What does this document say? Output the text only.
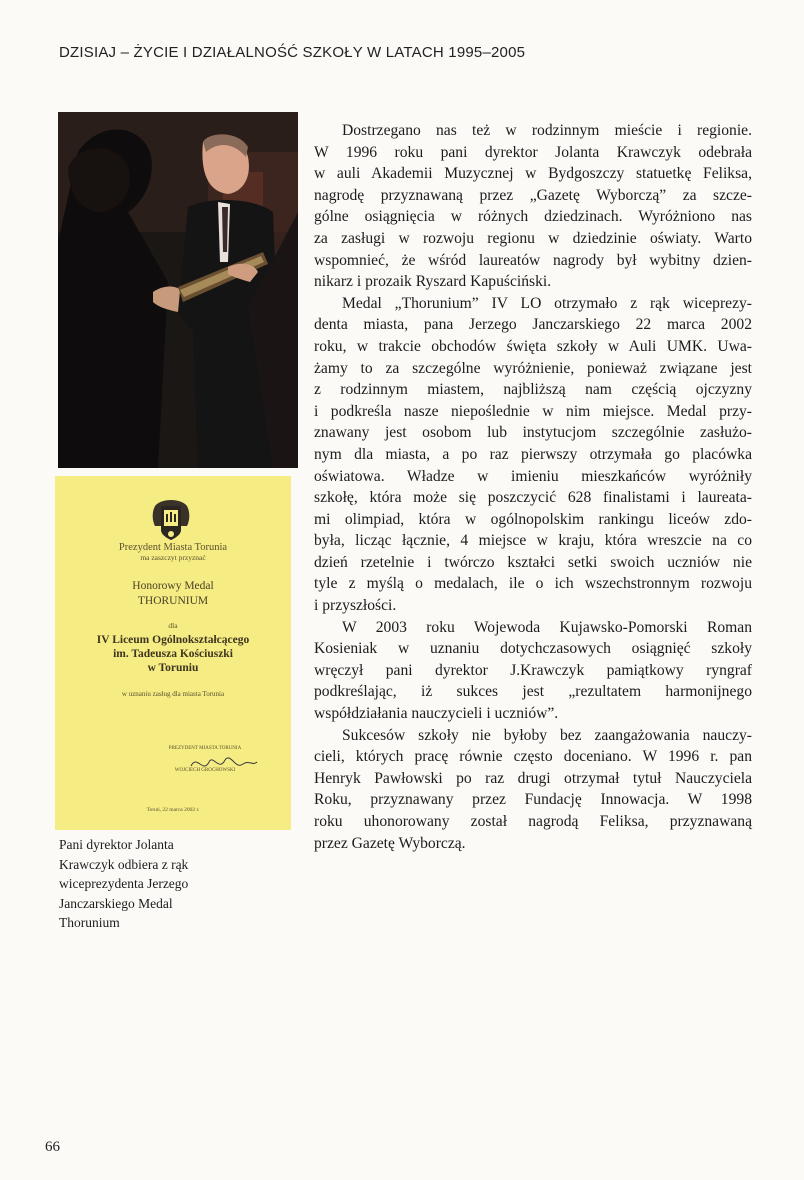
DZISIAJ – ŻYCIE I DZIAŁALNOŚĆ SZKOŁY W LATACH 1995–2005
Prezydent Miasta Torunia
ma zaszczyt przyznać
Honorowy Medal
THORUNIUM
dla
IV Liceum Ogólnokształcącego
im. Tadeusza Kościuszki
w Toruniu
w uznaniu zasług dla miasta Torunia
PREZYDENT MIASTA TORUNIA
WOJCIECH GROCHOWSKI
Toruń, 22 marca 2002 r.
Pani dyrektor Jolanta
Krawczyk odbiera z rąk
wiceprezydenta Jerzego
Janczarskiego Medal
Thorunium
Dostrzegano nas też w rodzinnym mieście i regionie.
W 1996 roku pani dyrektor Jolanta Krawczyk odebrała
w auli Akademii Muzycznej w Bydgoszczy statuetkę Feliksa,
nagrodę przyznawaną przez „Gazetę Wyborczą” za szcze-
gólne osiągnięcia w różnych dziedzinach. Wyróżniono nas
za zasługi w rozwoju regionu w dziedzinie oświaty. Warto
wspomnieć, że wśród laureatów nagrody był wybitny dzien-
nikarz i prozaik Ryszard Kapuściński.
Medal „Thorunium” IV LO otrzymało z rąk wiceprezy-
denta miasta, pana Jerzego Janczarskiego 22 marca 2002
roku, w trakcie obchodów święta szkoły w Auli UMK. Uwa-
żamy to za szczególne wyróżnienie, ponieważ związane jest
z rodzinnym miastem, najbliższą nam częścią ojczyzny
i podkreśla nasze niepoślednie w nim miejsce. Medal przy-
znawany jest osobom lub instytucjom szczególnie zasłużo-
nym dla miasta, a po raz pierwszy otrzymała go placówka
oświatowa. Władze w imieniu mieszkańców wyróżniły
szkołę, która może się poszczycić 628 finalistami i laureata-
mi olimpiad, która w ogólnopolskim rankingu liceów zdo-
była, licząc łącznie, 4 miejsce w kraju, która wreszcie na co
dzień rzetelnie i twórczo kształci setki swoich uczniów nie
tyle z myślą o medalach, ile o ich wszechstronnym rozwoju
i przyszłości.
W 2003 roku Wojewoda Kujawsko-Pomorski Roman
Kosieniak w uznaniu dotychczasowych osiągnięć szkoły
wręczył pani dyrektor J.Krawczyk pamiątkowy ryngraf
podkreślając, iż sukces jest „rezultatem harmonijnego
współdziałania nauczycieli i uczniów”.
Sukcesów szkoły nie byłoby bez zaangażowania nauczy-
cieli, których pracę równie często doceniano. W 1996 r. pan
Henryk Pawłowski po raz drugi otrzymał tytuł Nauczyciela
Roku, przyznawany przez Fundację Innowacja. W 1998
roku uhonorowany został nagrodą Feliksa, przyznawaną
przez Gazetę Wyborczą.
66
